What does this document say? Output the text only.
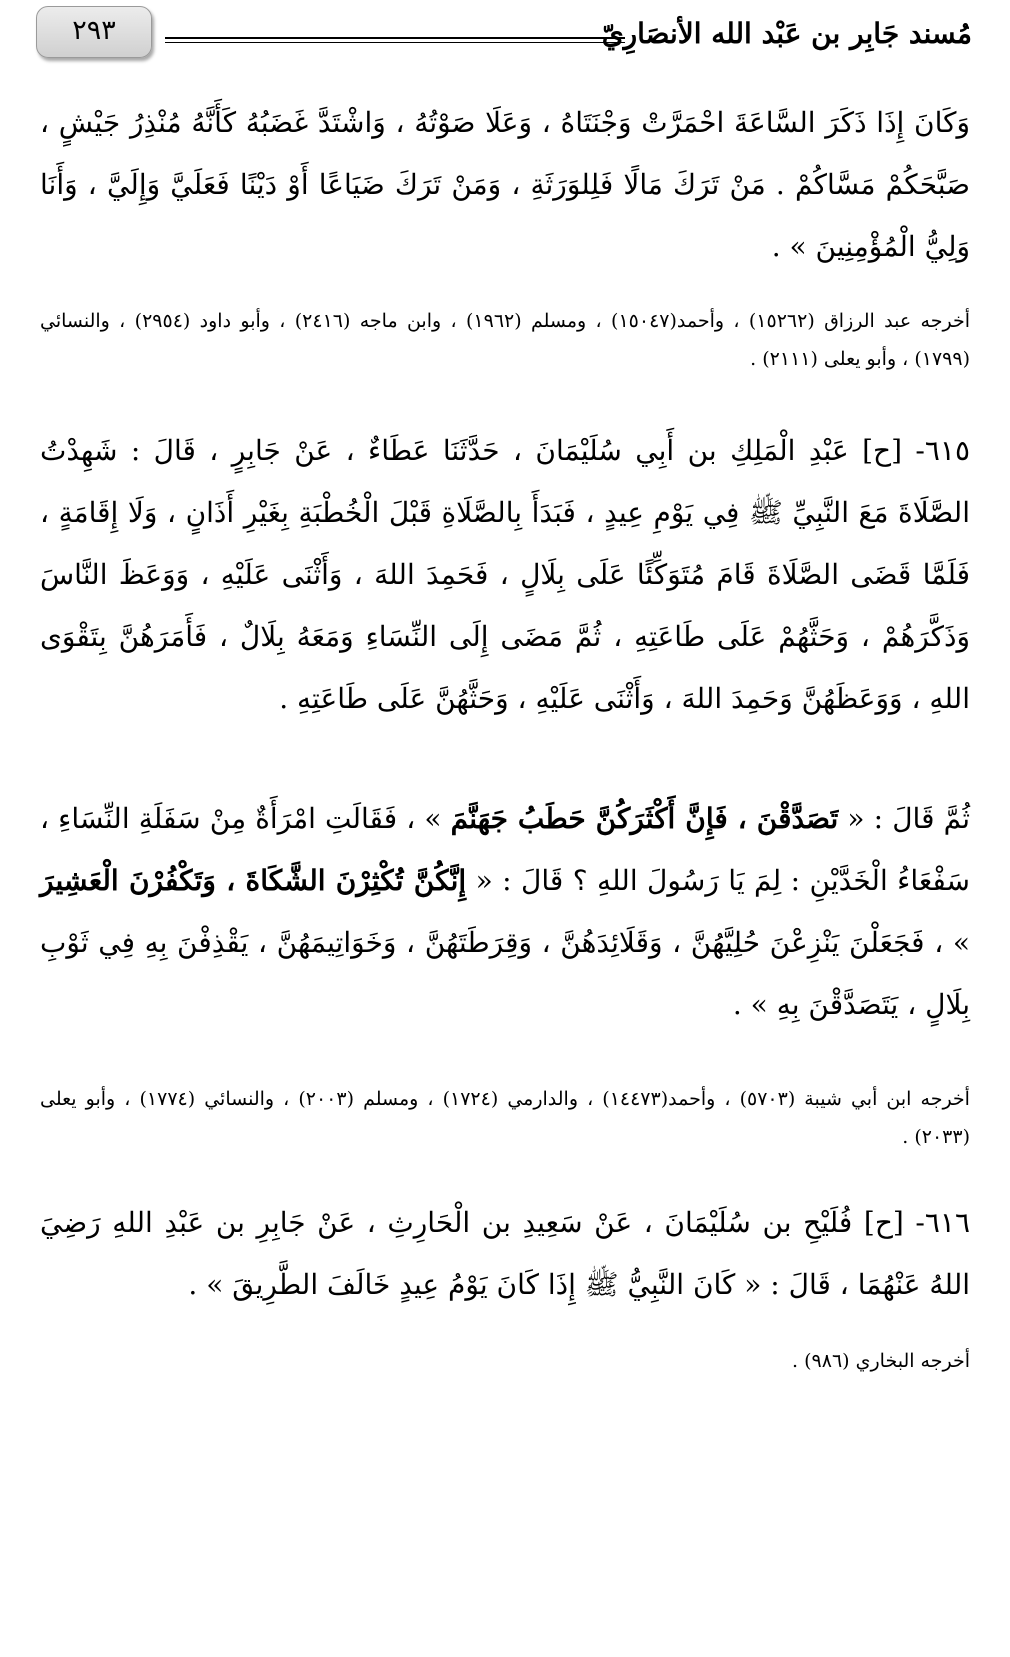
مُسند جَابِر بن عَبْد الله الأنصَارِيّ
٢٩٣
وَكَانَ إِذَا ذَكَرَ السَّاعَةَ احْمَرَّتْ وَجْنَتَاهُ ، وَعَلَا صَوْتُهُ ، وَاشْتَدَّ غَضَبُهُ كَأَنَّهُ مُنْذِرُ جَيْشٍ ، صَبَّحَكُمْ مَسَّاكُمْ . مَنْ تَرَكَ مَالًا فَلِلوَرَثَةِ ، وَمَنْ تَرَكَ ضَيَاعًا أَوْ دَيْنًا فَعَلَيَّ وَإِلَيَّ ، وَأَنَا وَلِيُّ الْمُؤْمِنِينَ » .
أخرجه عبد الرزاق (١٥٢٦٢) ، وأحمد(١٥٠٤٧) ، ومسلم (١٩٦٢) ، وابن ماجه (٢٤١٦) ، وأبو داود (٢٩٥٤) ، والنسائي (١٧٩٩) ، وأبو يعلى (٢١١١) .
٦١٥- [ح] عَبْدِ الْمَلِكِ بن أَبِي سُلَيْمَانَ ، حَدَّثَنَا عَطَاءٌ ، عَنْ جَابِرٍ ، قَالَ : شَهِدْتُ الصَّلَاةَ مَعَ النَّبِيِّ ﷺ فِي يَوْمِ عِيدٍ ، فَبَدَأَ بِالصَّلَاةِ قَبْلَ الْخُطْبَةِ بِغَيْرِ أَذَانٍ ، وَلَا إِقَامَةٍ ، فَلَمَّا قَضَى الصَّلَاةَ قَامَ مُتَوَكِّئًا عَلَى بِلَالٍ ، فَحَمِدَ اللهَ ، وَأَثْنَى عَلَيْهِ ، وَوَعَظَ النَّاسَ وَذَكَّرَهُمْ ، وَحَثَّهُمْ عَلَى طَاعَتِهِ ، ثُمَّ مَضَى إِلَى النِّسَاءِ وَمَعَهُ بِلَالٌ ، فَأَمَرَهُنَّ بِتَقْوَى اللهِ ، وَوَعَظَهُنَّ وَحَمِدَ اللهَ ، وَأَثْنَى عَلَيْهِ ، وَحَثَّهُنَّ عَلَى طَاعَتِهِ .
ثُمَّ قَالَ : « تَصَدَّقْنَ ، فَإِنَّ أَكْثَرَكُنَّ حَطَبُ جَهَنَّمَ » ، فَقَالَتِ امْرَأَةٌ مِنْ سَفَلَةِ النِّسَاءِ ، سَفْعَاءُ الْخَدَّيْنِ : لِمَ يَا رَسُولَ اللهِ ؟ قَالَ : « إِنَّكُنَّ تُكْثِرْنَ الشَّكَاةَ ، وَتَكْفُرْنَ الْعَشِيرَ » ، فَجَعَلْنَ يَنْزِعْنَ حُلِيَّهُنَّ ، وَقَلَائِدَهُنَّ ، وَقِرَطَتَهُنَّ ، وَخَوَاتِيمَهُنَّ ، يَقْذِفْنَ بِهِ فِي ثَوْبِ بِلَالٍ ، يَتَصَدَّقْنَ بِهِ » .
أخرجه ابن أبي شيبة (٥٧٠٣) ، وأحمد(١٤٤٧٣) ، والدارمي (١٧٢٤) ، ومسلم (٢٠٠٣) ، والنسائي (١٧٧٤) ، وأبو يعلى (٢٠٣٣) .
٦١٦- [ح] فُلَيْحِ بن سُلَيْمَانَ ، عَنْ سَعِيدِ بن الْحَارِثِ ، عَنْ جَابِرِ بن عَبْدِ اللهِ رَضِيَ اللهُ عَنْهُمَا ، قَالَ : « كَانَ النَّبِيُّ ﷺ إِذَا كَانَ يَوْمُ عِيدٍ خَالَفَ الطَّرِيقَ » .
أخرجه البخاري (٩٨٦) .
